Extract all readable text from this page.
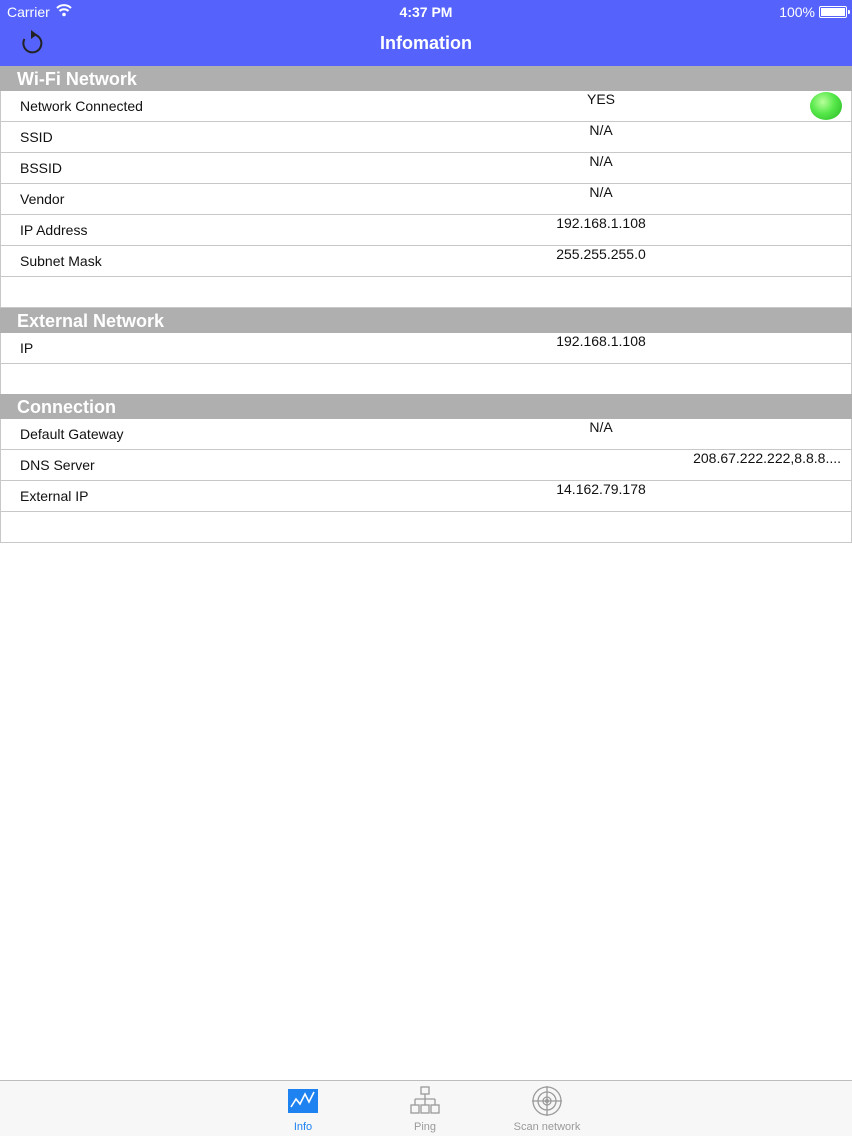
Carrier	4:37 PM	100%
Infomation
Wi-Fi Network
Network Connected	YES
SSID	N/A
BSSID	N/A
Vendor	N/A
IP Address	192.168.1.108
Subnet Mask	255.255.255.0
External Network
IP	192.168.1.108
Connection
Default Gateway	N/A
DNS Server	208.67.222.222,8.8.8....
External IP	14.162.79.178
Info	Ping	Scan network
